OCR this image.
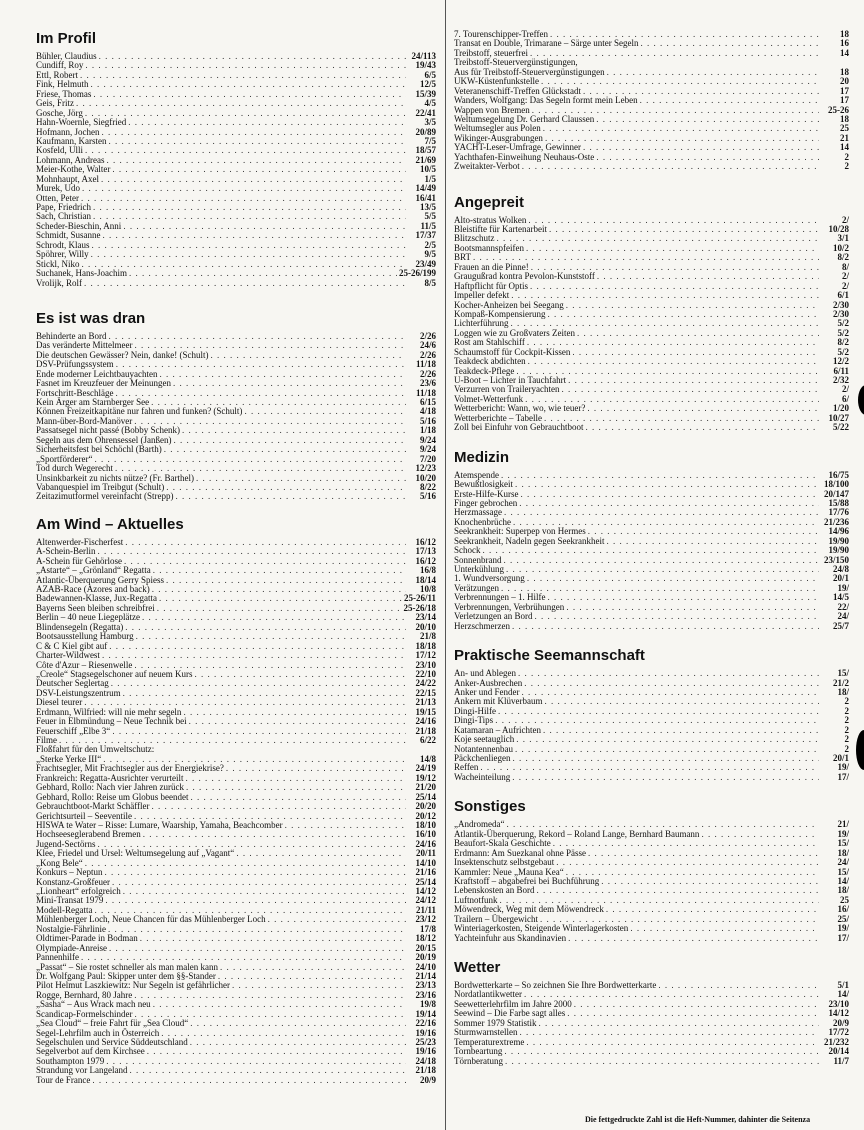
Im Profil
Bühler, Claudius . . .	24/113
Cundiff, Roy . . .	19/43
Ettl, Robert . . .	6/5
Fink, Helmuth . . .	12/5
Friese, Thomas . . .	15/39
Geis, Fritz . . .	4/5
Gosche, Jörg . . .	22/41
Hahn-Woernle, Siegfried . . .	3/5
Hofmann, Jochen . . .	20/89
Kaufmann, Karsten . . .	7/5
Kosfeld, Ulli . . .	18/57
Lohmann, Andreas . . .	21/69
Meier-Kothe, Walter . . .	10/5
Mohnhaupt, Axel . . .	1/5
Murek, Udo . . .	14/49
Otten, Peter . . .	16/41
Pape, Friedrich . . .	13/5
Sach, Christian . . .	5/5
Scheder-Bieschin, Anni . . .	11/5
Schmidt, Susanne . . .	17/37
Schrodt, Klaus . . .	2/5
Spöhrer, Willy . . .	9/5
Stickl, Niko . . .	23/49
Suchanek, Hans-Joachim . . .	25-26/199
Vrolijk, Rolf . . .	8/5
Es ist was dran
Behinderte an Bord . . .	2/26
Das veränderte Mittelmeer . . .	24/6
Die deutschen Gewässer? Nein, danke! (Schult) . . .	2/26
DSV-Prüfungssystem . . .	11/18
Ende moderner Leichtbauyachten . . .	2/26
Fasnet im Kreuzfeuer der Meinungen . . .	23/6
Fortschritt-Beschläge . . .	11/18
Kein Ärger am Starnberger See . . .	6/15
Können Freizeitkapitäne nur fahren und funken? (Schult) . . .	4/18
Mann-über-Bord-Manöver . . .	5/16
Passatsegel nicht passé (Bobby Schenk) . . .	1/18
Segeln aus dem Ohrensessel (Janßen) . . .	9/24
Sicherheitsfest bei Schöchl (Barth) . . .	9/24
„Sportförderer“ . . .	7/20
Tod durch Wegerecht . . .	12/23
Unsinkbarkeit zu nichts nütze? (Fr. Barthel) . . .	10/20
Vabanquespiel im Treibgut (Schult) . . .	8/22
Zeitazimutformel vereinfacht (Strepp) . . .	5/16
Am Wind – Aktuelles
Altenwerder-Fischerfest . . .	16/12
A-Schein-Berlin . . .	17/13
A-Schein für Gehörlose . . .	16/12
„Astarte“ – „Grönland“ Regatta . . .	16/8
Atlantic-Überquerung Gerry Spiess . . .	18/14
AZAB-Race (Azores and back) . . .	10/8
Badewannen-Klasse, Jux-Regatta . . .	25-26/11
Bayerns Seen bleiben schreibfrei . . .	25-26/18
Berlin – 40 neue Liegeplätze . . .	23/14
Blindensegeln (Regatta) . . .	20/10
Bootsausstellung Hamburg . . .	21/8
C & C Kiel gibt auf . . .	18/18
Charter-Wildwest . . .	17/12
Côte d'Azur – Riesenwelle . . .	23/10
„Creole“ Stagsegelschoner auf neuem Kurs . . .	22/10
Deutscher Seglertag . . .	24/22
DSV-Leistungszentrum . . .	22/15
Diesel teurer . . .	21/13
Erdmann, Wilfried: will nie mehr segeln . . .	19/15
Feuer in Elbmündung – Neue Technik bei . . .	24/16
Feuerschiff „Elbe 3“ . . .	21/18
Filme . . .	6/22
Floßfahrt für den Umweltschutz:
„Sterke Yerke III“ . . .	14/8
Frachtsegler, Mit Frachtsegler aus der Energiekrise? . . .	24/19
Frankreich: Regatta-Ausrichter verurteilt . . .	19/12
Gebhard, Rollo: Nach vier Jahren zurück . . .	21/20
Gebhard, Rollo: Reise um Globus beendet . . .	25/14
Gebrauchtboot-Markt Schäffler . . .	20/20
Gerichtsurteil – Seeventile . . .	20/12
HISWA te Water – Risse: Lumare, Waarship, Yamaha, Beachcomber . . .	18/10
Hochseeseglerabend Bremen . . .	16/10
Jugend-Sectörns . . .	24/16
Klee, Friedel und Ursel: Weltumsegelung auf „Vagant“ . . .	20/11
„Kong Bele“ . . .	14/10
Konkurs – Neptun . . .	21/16
Konstanz-Großfeuer . . .	25/14
„Lionheart“ erfolgreich . . .	14/12
Mini-Transat 1979 . . .	24/12
Modell-Regatta . . .	21/11
Mühlenberger Loch, Neue Chancen für das Mühlenberger Loch . . .	23/12
Nostalgie-Fährlinie . . .	17/8
Oldtimer-Parade in Bodman . . .	18/12
Olympiade-Anreise . . .	20/15
Pannenhilfe . . .	20/19
„Passat“ – Sie rostet schneller als man malen kann . . .	24/10
Dr. Wolfgang Paul: Skipper unter dem §§-Stander . . .	21/14
Pilot Helmut Laszkiewitz: Nur Segeln ist gefährlicher . . .	23/13
Rogge, Bernhard, 80 Jahre . . .	23/16
„Sasha“ – Aus Wrack mach neu . . .	19/8
Scandicap-Formelschinder . . .	19/14
„Sea Cloud“ – freie Fahrt für „Sea Cloud“ . . .	22/16
Segel-Lehrfilm auch in Österreich . . .	19/16
Segelschulen und Service Süddeutschland . . .	25/23
Segelverbot auf dem Kirchsee . . .	19/16
Southampton 1979 . . .	24/18
Strandung vor Langeland . . .	21/18
Tour de France . . .	20/9
7. Tourenschipper-Treffen . . .	18
Transat en Double, Trimarane – Särge unter Segeln . . .	16
Treibstoff, steuerfrei . . .	14
Treibstoff-Steuervergünstigungen,
Aus für Treibstoff-Steuervergünstigungen . . .	18
UKW-Küstenfunkstelle . . .	20
Veteranenschiff-Treffen Glückstadt . . .	17
Wanders, Wolfgang: Das Segeln formt mein Leben . . .	17
Wappen von Bremen . . .	25-26
Weltumsegelung Dr. Gerhard Claussen . . .	18
Weltumsegler aus Polen . . .	25
Wikinger-Ausgrabungen . . .	21
YACHT-Leser-Umfrage, Gewinner . . .	14
Yachthafen-Einweihung Neuhaus-Oste . . .	2
Zweitakter-Verbot . . .	2
Angepreit
Alto-stratus Wolken . . .	2/
Bleistifte für Kartenarbeit . . .	10/28
Blitzschutz . . .	3/1
Bootsmannspfeifen . . .	10/2
BRT . . .	8/2
Frauen an die Pinne! . . .	8/
Graugußrad kontra Pevolon-Kunststoff . . .	2/
Haftpflicht für Optis . . .	2/
Impeller defekt . . .	6/1
Kocher-Anheizen bei Seegang . . .	2/30
Kompaß-Kompensierung . . .	2/30
Lichterführung . . .	5/2
Loggen wie zu Großvaters Zeiten . . .	5/2
Rost am Stahlschiff . . .	8/2
Schaumstoff für Cockpit-Kissen . . .	5/2
Teakdeck abdichten . . .	12/2
Teakdeck-Pflege . . .	6/11
U-Boot – Lichter in Tauchfahrt . . .	2/32
Verzurren von Traileryachten . . .	2/
Volmet-Wetterfunk . . .	6/
Wetterbericht: Wann, wo, wie teuer? . . .	1/20
Wetterberichte – Tabelle . . .	10/27
Zoll bei Einfuhr von Gebrauchtboot . . .	5/22
Medizin
Atemspende . . .	16/75
Bewußtlosigkeit . . .	18/100
Erste-Hilfe-Kurse . . .	20/147
Finger gebrochen . . .	15/88
Herzmassage . . .	17/76
Knochenbrüche . . .	21/236
Seekrankheit: Superpep von Hermes . . .	14/96
Seekrankheit, Nadeln gegen Seekrankheit . . .	19/90
Schock . . .	19/90
Sonnenbrand . . .	23/150
Unterkühlung . . .	24/8
1. Wundversorgung . . .	20/1
Verätzungen . . .	19/
Verbrennungen – 1. Hilfe . . .	14/5
Verbrennungen, Verbrühungen . . .	22/
Verletzungen an Bord . . .	24/
Herzschmerzen . . .	25/7
Praktische Seemannschaft
An- und Ablegen . . .	15/
Anker-Ausbrechen . . .	21/2
Anker und Fender . . .	18/
Ankern mit Klüverbaum . . .	2
Dingi-Hilfe . . .	2
Dingi-Tips . . .	2
Katamaran – Aufrichten . . .	2
Koje seetauglich . . .	2
Notantennenbau . . .	2
Päckchenliegen . . .	20/1
Reffen . . .	19/
Wacheinteilung . . .	17/
Sonstiges
„Andromeda“ . . .	21/
Atlantik-Überquerung, Rekord – Roland Lange, Bernhard Baumann . . .	19/
Beaufort-Skala Geschichte . . .	15/
Erdmann: Am Suezkanal ohne Pässe . . .	18/
Insektenschutz selbstgebaut . . .	24/
Kammler: Neue „Mauna Kea“ . . .	15/
Kraftstoff – abgabefrei bei Buchführung . . .	14/
Lebenskosten an Bord . . .	18/
Luftnotfunk . . .	25
Möwendreck, Weg mit dem Möwendreck . . .	16/
Trailern – Übergewicht . . .	25/
Winteriagerkosten, Steigende Winterlagerkosten . . .	19/
Yachteinfuhr aus Skandinavien . . .	17/
Wetter
Bordwetterkarte – So zeichnen Sie Ihre Bordwetterkarte . . .	5/1
Nordatlantikwetter . . .	14/
Seewetterlehrfilm im Jahre 2000 . . .	23/10
Seewind – Die Farbe sagt alles . . .	14/12
Sommer 1979 Statistik . . .	20/9
Sturmwarnstellen . . .	17/72
Temperaturextreme . . .	21/232
Tornbeartung . . .	20/14
Törnberatung . . .	11/7
Die fettgedruckte Zahl ist die Heft-Nummer, dahinter die Seitenza
